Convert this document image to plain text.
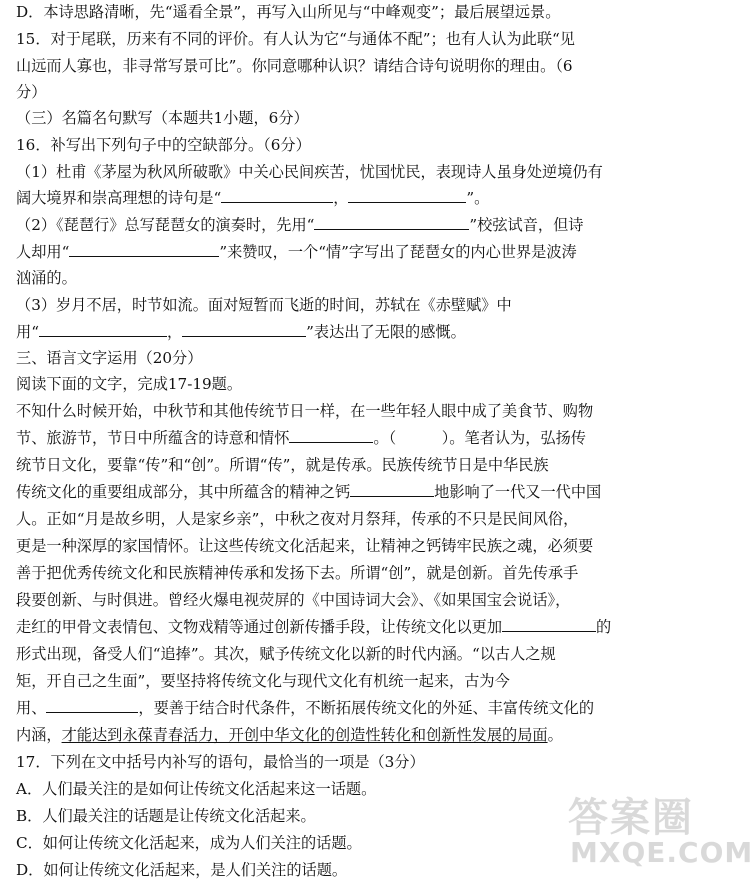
D．本诗思路清晰，先“遥看全景”，再写入山所见与“中峰观变”；最后展望远景。
15．对于尾联，历来有不同的评价。有人认为它“与通体不配”；也有人认为此联“见
山远而人寡也，非寻常写景可比”。你同意哪种认识？请结合诗句说明你的理由。（6
分）
（三）名篇名句默写（本题共1小题，6分）
16．补写出下列句子中的空缺部分。（6分）
（1）杜甫《茅屋为秋风所破歌》中关心民间疾苦，忧国忧民，表现诗人虽身处逆境仍有
阔大境界和崇高理想的诗句是“	，	”。
（2）《琵琶行》总写琵琶女的演奏时，先用“	”校弦试音，但诗
人却用“	”来赞叹，一个“情”字写出了琵琶女的内心世界是波涛
汹涌的。
（3）岁月不居，时节如流。面对短暂而飞逝的时间，苏轼在《赤壁赋》中
用“	，	”表达出了无限的感慨。
三、语言文字运用（20分）
阅读下面的文字，完成17-19题。
不知什么时候开始，中秋节和其他传统节日一样，在一些年轻人眼中成了美食节、购物
节、旅游节，节日中所蕴含的诗意和情怀	。（　　　）。笔者认为，弘扬传
统节日文化，要靠“传”和“创”。所谓“传”，就是传承。民族传统节日是中华民族
传统文化的重要组成部分，其中所蕴含的精神之钙	地影响了一代又一代中国
人。正如“月是故乡明，人是家乡亲”，中秋之夜对月祭拜，传承的不只是民间风俗，
更是一种深厚的家国情怀。让这些传统文化活起来，让精神之钙铸牢民族之魂，必须要
善于把优秀传统文化和民族精神传承和发扬下去。所谓“创”，就是创新。首先传承手
段要创新、与时俱进。曾经火爆电视荧屏的《中国诗词大会》、《如果国宝会说话》，
走红的甲骨文表情包、文物戏精等通过创新传播手段，让传统文化以更加	的
形式出现，备受人们“追捧”。其次，赋予传统文化以新的时代内涵。“以古人之规
矩，开自己之生面”，要坚持将传统文化与现代文化有机统一起来，古为今
用、	，要善于结合时代条件，不断拓展传统文化的外延、丰富传统文化的
内涵，才能达到永葆青春活力，开创中华文化的创造性转化和创新性发展的局面。
17．下列在文中括号内补写的语句，最恰当的一项是（3分）
A．人们最关注的是如何让传统文化活起来这一话题。
B．人们最关注的话题是让传统文化活起来。
C．如何让传统文化活起来，成为人们关注的话题。
D．如何让传统文化活起来，是人们关注的话题。
答案圈
MXQE.COM
